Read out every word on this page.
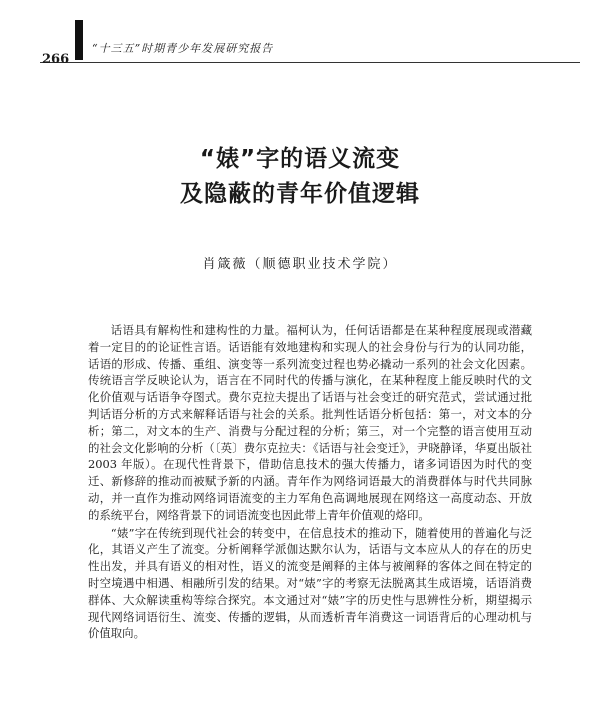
“十三五”时期青少年发展研究报告
266
“婊”字的语义流变
及隐蔽的青年价值逻辑
肖箴薇（顺德职业技术学院）

话语具有解构性和建构性的力量。福柯认为，任何话语都是在某种程度展现或潜藏着一定目的的论证性言语。话语能有效地建构和实现人的社会身份与行为的认同功能，话语的形成、传播、重组、演变等一系列流变过程也势必撬动一系列的社会文化因素。传统语言学反映论认为，语言在不同时代的传播与演化，在某种程度上能反映时代的文化价值观与话语争夺图式。费尔克拉夫提出了话语与社会变迁的研究范式，尝试通过批判话语分析的方式来解释话语与社会的关系。批判性话语分析包括：第一，对文本的分析；第二，对文本的生产、消费与分配过程的分析；第三，对一个完整的语言使用互动的社会文化影响的分析（〔英〕费尔克拉夫：《话语与社会变迁》，尹晓静译，华夏出版社 2003 年版）。在现代性背景下，借助信息技术的强大传播力，诸多词语因为时代的变迁、新修辞的推动而被赋予新的内涵。青年作为网络词语最大的消费群体与时代共同脉动，并一直作为推动网络词语流变的主力军角色高调地展现在网络这一高度动态、开放的系统平台，网络背景下的词语流变也因此带上青年价值观的烙印。

“婊”字在传统到现代社会的转变中，在信息技术的推动下，随着使用的普遍化与泛化，其语义产生了流变。分析阐释学派伽达默尔认为，话语与文本应从人的存在的历史性出发，并具有语义的相对性，语义的流变是阐释的主体与被阐释的客体之间在特定的时空境遇中相遇、相融所引发的结果。对“婊”字的考察无法脱离其生成语境，话语消费群体、大众解读重构等综合探究。本文通过对“婊”字的历史性与思辨性分析，期望揭示现代网络词语衍生、流变、传播的逻辑，从而透析青年消费这一词语背后的心理动机与价值取向。
